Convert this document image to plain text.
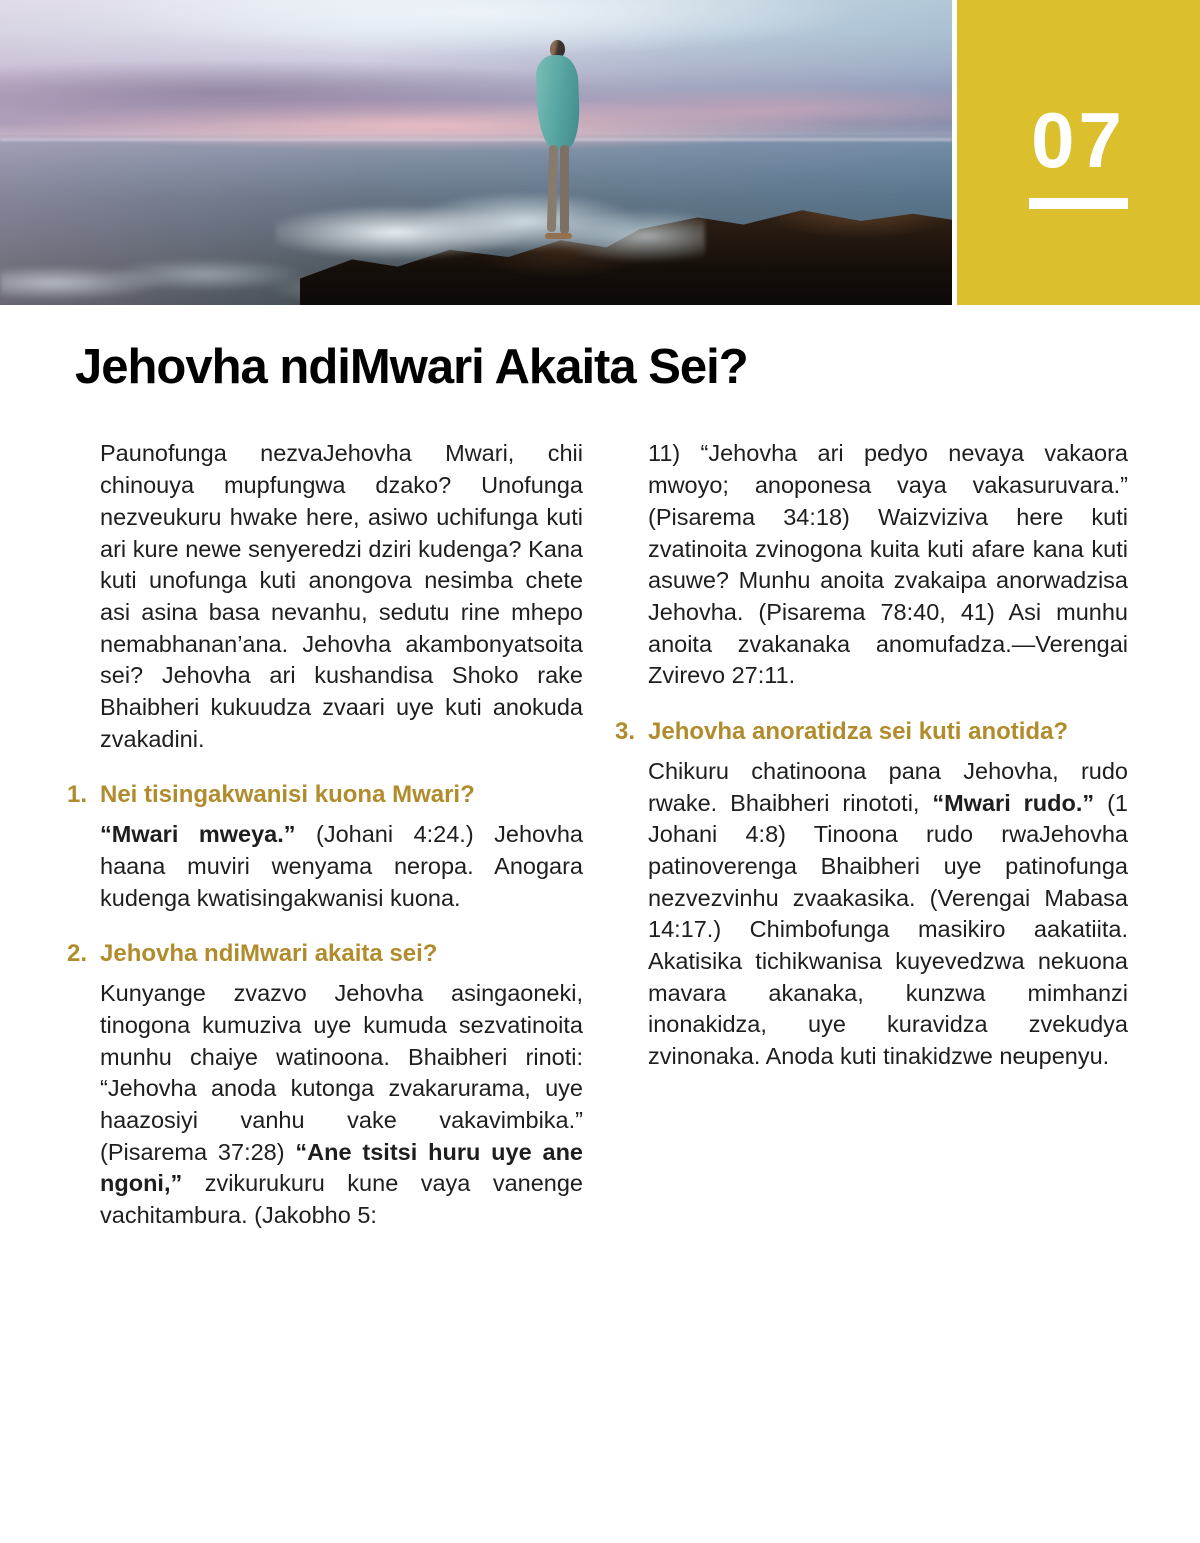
07
Jehovha ndiMwari Akaita Sei?

Paunofunga nezvaJehovha Mwari, chii chinouya mupfungwa dzako? Unofunga nezveukuru hwake here, asiwo uchifunga kuti ari kure newe senyeredzi dziri kudenga? Kana kuti unofunga kuti anongova nesimba chete asi asina basa nevanhu, sedutu rine mhepo nemabhanan’ana. Jehovha akambonyatsoita sei? Jehovha ari kushandisa Shoko rake Bhaibheri kukuudza zvaari uye kuti anokuda zvakadini.

1. Nei tisingakwanisi kuona Mwari?

“Mwari mweya.” (Johani 4:24.) Jehovha haana muviri wenyama neropa. Anogara kudenga kwatisingakwanisi kuona.

2. Jehovha ndiMwari akaita sei?

Kunyange zvazvo Jehovha asingaoneki, tinogona kumuziva uye kumuda sezvatinoita munhu chaiye watinoona. Bhaibheri rinoti: “Jehovha anoda kutonga zvakarurama, uye haazosiyi vanhu vake vakavimbika.” (Pisarema 37:28) “Ane tsitsi huru uye ane ngoni,” zvikurukuru kune vaya vanenge vachitambura. (Jakobho 5:

11) “Jehovha ari pedyo nevaya vakaora mwoyo; anoponesa vaya vakasuruvara.” (Pisarema 34:18) Waizviziva here kuti zvatinoita zvinogona kuita kuti afare kana kuti asuwe? Munhu anoita zvakaipa anorwadzisa Jehovha. (Pisarema 78:40, 41) Asi munhu anoita zvakanaka anomufadza.—Verengai Zvirevo 27:11.

3. Jehovha anoratidza sei kuti anotida?

Chikuru chatinoona pana Jehovha, rudo rwake. Bhaibheri rinototi, “Mwari rudo.” (1 Johani 4:8) Tinoona rudo rwaJehovha patinoverenga Bhaibheri uye patinofunga nezvezvinhu zvaakasika. (Verengai Mabasa 14:17.) Chimbofunga masikiro aakatiita. Akatisika tichikwanisa kuyevedzwa nekuona mavara akanaka, kunzwa mimhanzi inonakidza, uye kuravidza zvekudya zvinonaka. Anoda kuti tinakidzwe neupenyu.
